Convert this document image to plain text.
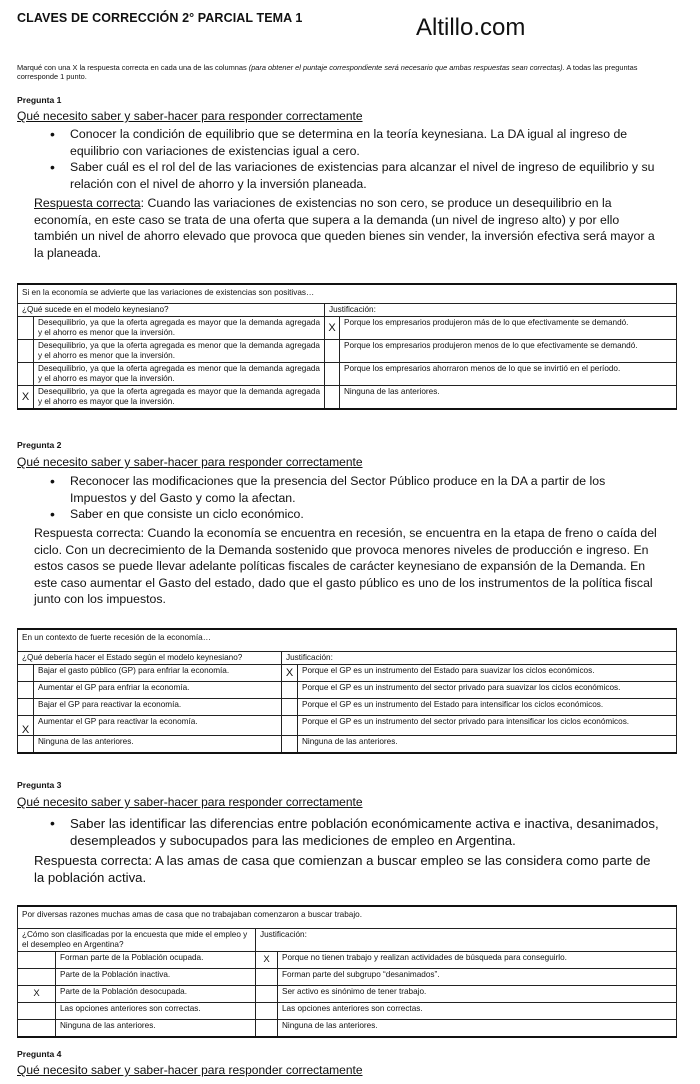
CLAVES DE CORRECCIÓN 2° PARCIAL TEMA 1	Altillo.com
Marqué con una X la respuesta correcta en cada una de las columnas (para obtener el puntaje correspondiente será necesario que ambas respuestas sean correctas). A todas las preguntas corresponde 1 punto.
Pregunta 1
Qué necesito saber y saber-hacer para responder correctamente
• Conocer la condición de equilibrio que se determina en la teoría keynesiana. La DA igual al ingreso de equilibrio con variaciones de existencias igual a cero.
• Saber cuál es el rol del de las variaciones de existencias para alcanzar el nivel de ingreso de equilibrio y su relación con el nivel de ahorro y la inversión planeada.
Respuesta correcta: Cuando las variaciones de existencias no son cero, se produce un desequilibrio en la economía, en este caso se trata de una oferta que supera a la demanda (un nivel de ingreso alto) y por ello también un nivel de ahorro elevado que provoca que queden bienes sin vender, la inversión efectiva será mayor a la planeada.
Si en la economía se advierte que las variaciones de existencias son positivas…			
¿Qué sucede en el modelo keynesiano?		Justificación:	
	Desequilibrio, ya que la oferta agregada es mayor que la demanda agregada y el ahorro es menor que la inversión.	X	Porque los empresarios produjeron más de lo que efectivamente se demandó.
	Desequilibrio, ya que la oferta agregada es menor que la demanda agregada y el ahorro es menor que la inversión.		Porque los empresarios produjeron menos de lo que efectivamente se demandó.
	Desequilibrio, ya que la oferta agregada es menor que la demanda agregada y el ahorro es mayor que la inversión.		Porque los empresarios ahorraron menos de lo que se invirtió en el período.
X	Desequilibrio, ya que la oferta agregada es mayor que la demanda agregada y el ahorro es mayor que la inversión.		Ninguna de las anteriores.
Pregunta 2
Qué necesito saber y saber-hacer para responder correctamente
• Reconocer las modificaciones que la presencia del Sector Público produce en la DA a partir de los Impuestos y del Gasto y como la afectan.
• Saber en que consiste un ciclo económico.
Respuesta correcta: Cuando la economía se encuentra en recesión, se encuentra en la etapa de freno o caída del ciclo. Con un decrecimiento de la Demanda sostenido que provoca menores niveles de producción e ingreso. En estos casos se puede llevar adelante políticas fiscales de carácter keynesiano de expansión de la Demanda. En este caso aumentar el Gasto del estado, dado que el gasto público es uno de los instrumentos de la política fiscal junto con los impuestos.
En un contexto de fuerte recesión de la economía…			
¿Qué debería hacer el Estado según el modelo keynesiano?		Justificación:	
	Bajar el gasto público (GP) para enfriar la economía.	X	Porque el GP es un instrumento del Estado para suavizar los ciclos económicos.
	Aumentar el GP para enfriar la economía.		Porque el GP es un instrumento del sector privado para suavizar los ciclos económicos.
	Bajar el GP para reactivar la economía.		Porque el GP es un instrumento del Estado para intensificar los ciclos económicos.
X	Aumentar el GP para reactivar la economía.		Porque el GP es un instrumento del sector privado para intensificar los ciclos económicos.
	Ninguna de las anteriores.		Ninguna de las anteriores.
Pregunta 3
Qué necesito saber y saber-hacer para responder correctamente
• Saber las identificar las diferencias entre población económicamente activa e inactiva, desanimados, desempleados y subocupados para las mediciones de empleo en Argentina.
Respuesta correcta: A las amas de casa que comienzan a buscar empleo se las considera como parte de la población activa.
Por diversas razones muchas amas de casa que no trabajaban comenzaron a buscar trabajo.			
¿Cómo son clasificadas por la encuesta que mide el empleo y el desempleo en Argentina?		Justificación:	
	Forman parte de la Población ocupada.	X	Porque no tienen trabajo y realizan actividades de búsqueda para conseguirlo.
	Parte de la Población inactiva.		Forman parte del subgrupo “desanimados”.
X	Parte de la Población desocupada.		Ser activo es sinónimo de tener trabajo.
	Las opciones anteriores son correctas.		Las opciones anteriores son correctas.
	Ninguna de las anteriores.		Ninguna de las anteriores.
Pregunta 4
Qué necesito saber y saber-hacer para responder correctamente
